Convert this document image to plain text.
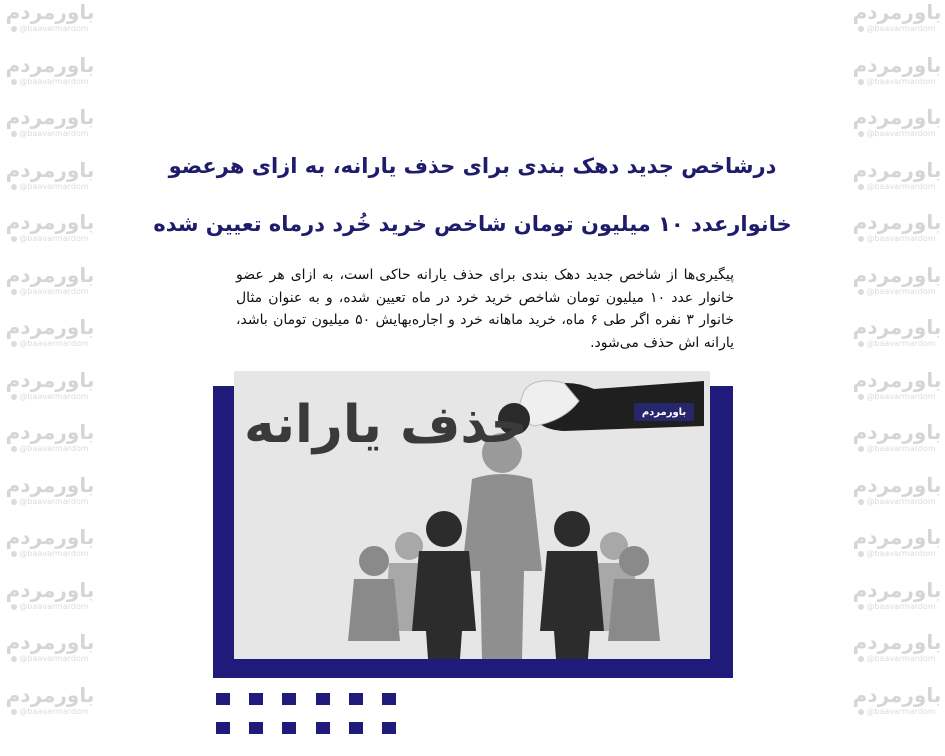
باورمردم
@baavarmardom
باورمردم
@baavarmardom
باورمردم
@baavarmardom
باورمردم
@baavarmardom
باورمردم
@baavarmardom
باورمردم
@baavarmardom
باورمردم
@baavarmardom
باورمردم
@baavarmardom
باورمردم
@baavarmardom
باورمردم
@baavarmardom
باورمردم
@baavarmardom
باورمردم
@baavarmardom
باورمردم
@baavarmardom
باورمردم
@baavarmardom
باورمردم
@baavarmardom
باورمردم
@baavarmardom
باورمردم
@baavarmardom
باورمردم
@baavarmardom
باورمردم
@baavarmardom
باورمردم
@baavarmardom
باورمردم
@baavarmardom
باورمردم
@baavarmardom
باورمردم
@baavarmardom
باورمردم
@baavarmardom
باورمردم
@baavarmardom
باورمردم
@baavarmardom
باورمردم
@baavarmardom
باورمردم
@baavarmardom
درشاخص جدید دهک بندی برای حذف یارانه، به ازای هرعضو
خانوارعدد ۱۰ میلیون تومان شاخص خرید خُرد درماه تعیین شده
پیگیری‌ها از شاخص جدید دهک بندی برای حذف یارانه حاکی است، به ازای هر عضو خانوار عدد ۱۰ میلیون تومان شاخص خرید خرد در ماه تعیین شده، و به عنوان مثال خانوار ۳ نفره اگر طی ۶ ماه، خرید ماهانه خرد و اجاره‌بهایش ۵۰ میلیون تومان باشد، یارانه اش حذف می‌شود.
حذف یارانه	باورمردم
